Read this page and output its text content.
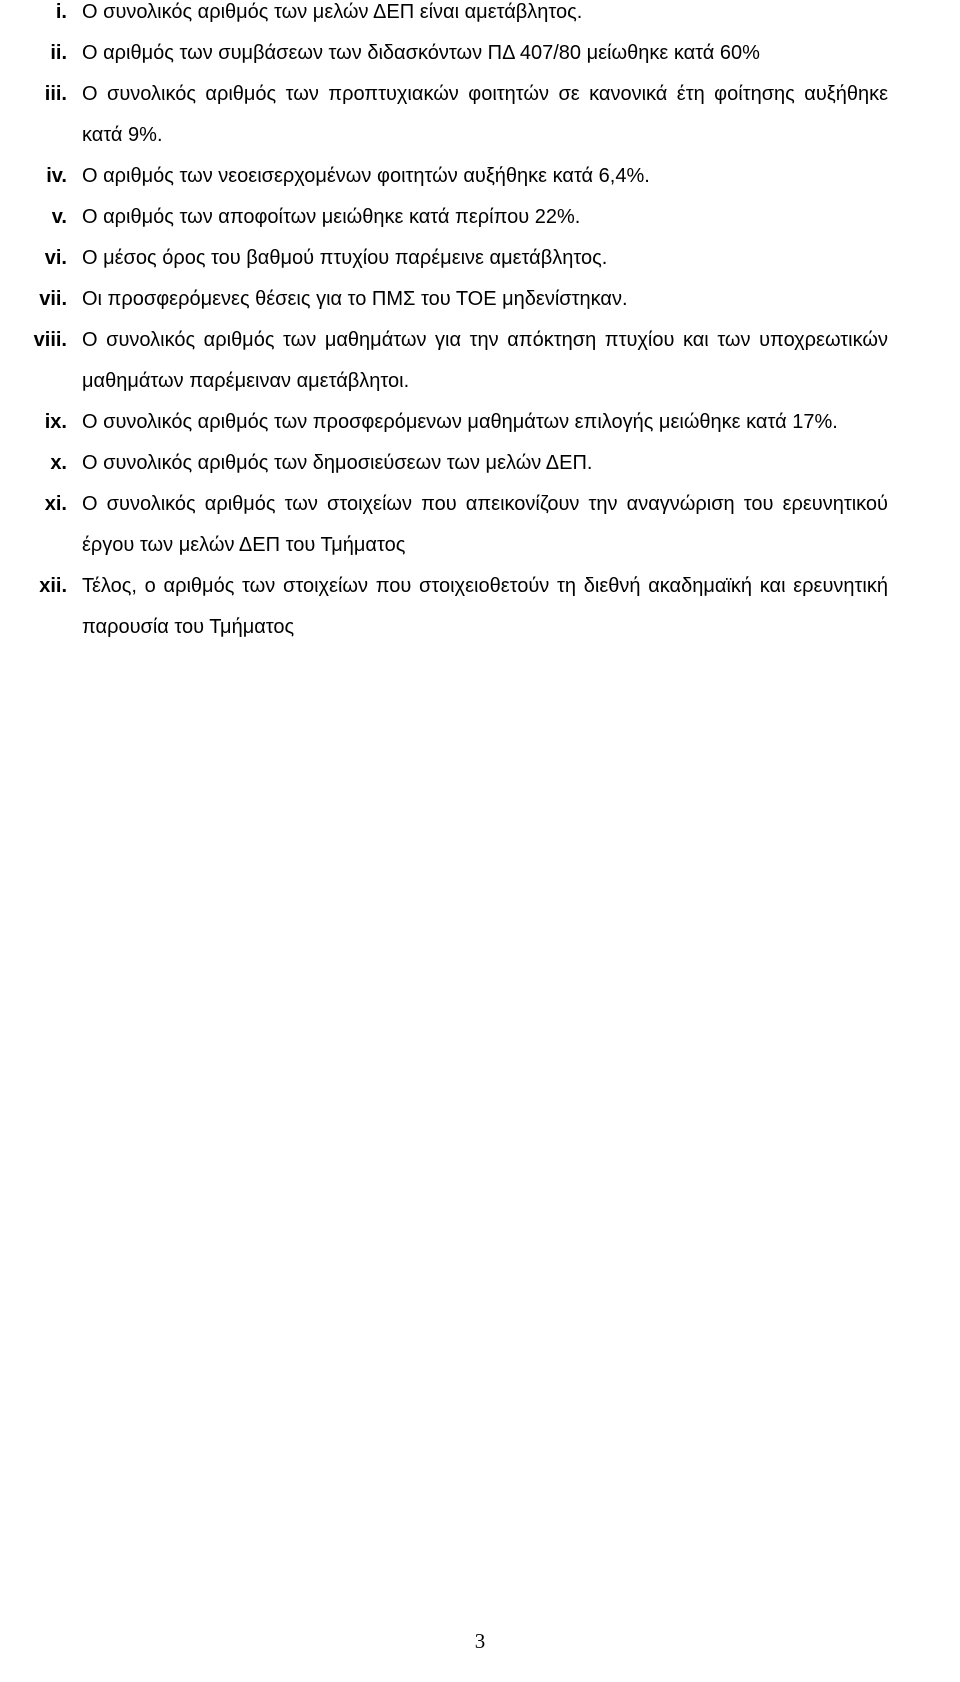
i. Ο συνολικός αριθμός των μελών ΔΕΠ είναι αμετάβλητος.
ii. Ο αριθμός των συμβάσεων των διδασκόντων ΠΔ 407/80 μείωθηκε κατά 60%
iii. Ο συνολικός αριθμός των προπτυχιακών φοιτητών σε κανονικά έτη φοίτησης αυξήθηκε κατά 9%.
iv. Ο αριθμός των νεοεισερχομένων φοιτητών αυξήθηκε κατά 6,4%.
v. Ο αριθμός των αποφοίτων μειώθηκε κατά περίπου 22%.
vi. Ο μέσος όρος του βαθμού πτυχίου παρέμεινε αμετάβλητος.
vii. Οι προσφερόμενες θέσεις για το ΠΜΣ του ΤΟΕ μηδενίστηκαν.
viii. Ο συνολικός αριθμός των μαθημάτων για την απόκτηση πτυχίου και των υποχρεωτικών μαθημάτων παρέμειναν αμετάβλητοι.
ix. Ο συνολικός αριθμός των προσφερόμενων μαθημάτων επιλογής μειώθηκε κατά 17%.
x. Ο συνολικός αριθμός των δημοσιεύσεων των μελών ΔΕΠ.
xi. Ο συνολικός αριθμός των στοιχείων που απεικονίζουν την αναγνώριση του ερευνητικού έργου των μελών ΔΕΠ του Τμήματος
xii. Τέλος, ο αριθμός των στοιχείων που στοιχειοθετούν τη διεθνή ακαδημαϊκή και ερευνητική παρουσία του Τμήματος
3
